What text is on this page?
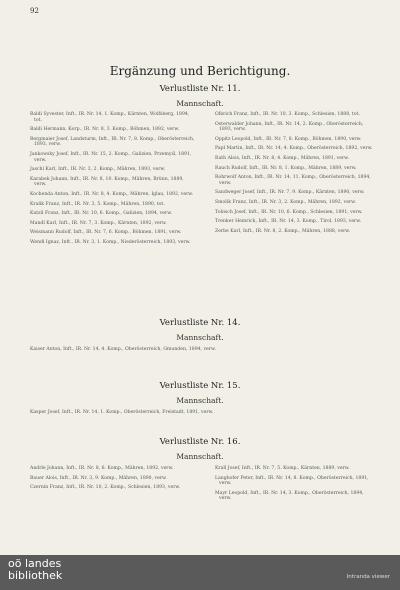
92
Ergänzung und Berichtigung.
Verlustliste Nr. 11.
Mannschaft.

Baldi Syvester, Inft., IR. Nr. 14, 1. Komp., Kärnten, Wolfsberg, 1894, tot.

Baldi Hermann, Korp., IR. Nr. 8, 3. Komp., Böhmen, 1892, verw.

Bergmaier Josef, Landsturm, Inft., IR. Nr. 7, 8. Komp., Oberösterreich, 1893, verw.

Jankowsky Josef, Inft., IR. Nr. 15, 2. Komp., Galizien, Przemyśl, 1891, verw.

Jaschl Karl, Inft., IR. Nr. 3, 2. Komp., Mähren, 1893, verw.

Karabek Johann, Inft., IR. Nr. 8, 10. Komp., Mähren, Brünn, 1889, verw.

Kochenda Anton, Inft., IR. Nr. 8, 4. Komp., Mähren, Iglau, 1892, verw.

Kralik Franz, Inft., IR. Nr. 3, 5. Komp., Mähren, 1890, tot.

Kutzil Franz, Inft., IR. Nr. 10, 6. Komp., Galizien, 1894, verw.

Mandl Karl, Inft., IR. Nr. 7, 3. Komp., Kärnten, 1892, verw.

Weismann Rudolf, Inft., IR. Nr. 7, 6. Komp., Böhmen, 1891, verw.

Wendl Ignaz, Inft., IR. Nr. 3, 1. Komp., Niederösterreich, 1893, verw.

Olbrich Franz, Inft., IR. Nr. 10, 3. Komp., Schlesien, 1888, tot.

Osterwalder Johann, Inft., IR. Nr. 14, 2. Komp., Oberösterreich, 1893, verw.

Oppitz Leopold, Inft., IR. Nr. 7, 8. Komp., Böhmen, 1890, verw.

Papl Martin, Inft., IR. Nr. 14, 4. Komp., Oberösterreich, 1892, verw.

Rath Alois, Inft., IR. Nr. 8, 4. Komp., Mähren, 1891, verw.

Rauch Rudolf, Inft., IR. Nr. 8, 1. Komp., Mähren, 1889, verw.

Rohrwolf Anton, Inft., IR. Nr. 14, 11. Komp., Oberösterreich, 1894, verw.

Sandweger Josef, Inft., IR. Nr. 7, 9. Komp., Kärnten, 1890, verw.

Smolik Franz, Inft., IR. Nr. 3, 2. Komp., Mähren, 1892, verw.

Tobisch Josef, Inft., IR. Nr. 10, 6. Komp., Schlesien, 1891, verw.

Trenker Heinrich, Inft., IR. Nr. 14, 3. Komp., Tirol, 1893, verw.

Zerbe Karl, Inft., IR. Nr. 8, 2. Komp., Mähren, 1888, verw.

Verlustliste Nr. 14.
Mannschaft.
Kaiser Anton, Inft., IR. Nr. 14, 4. Komp., Oberösterreich, Gmunden, 1894, verw.
Verlustliste Nr. 15.
Mannschaft.
Kasper Josef, Inft., IR. Nr. 14, 1. Komp., Oberösterreich, Freistadt, 1891, verw.
Verlustliste Nr. 16.
Mannschaft.

Andrle Johann, Inft., IR. Nr. 8, 6. Komp., Mähren, 1892, verw.

Bauer Alois, Inft., IR. Nr. 3, 9. Komp., Mähren, 1890, verw.

Czernin Franz, Inft., IR. Nr. 10, 2. Komp., Schlesien, 1893, verw.

Krall Josef, Inft., IR. Nr. 7, 5. Komp., Kärnten, 1889, verw.

Langhofer Peter, Inft., IR. Nr. 14, 8. Komp., Oberösterreich, 1891, verw.

Mayr Leopold, Inft., IR. Nr. 14, 3. Komp., Oberösterreich, 1894, verw.

oö landes
bibliothek	Intranda viewer
